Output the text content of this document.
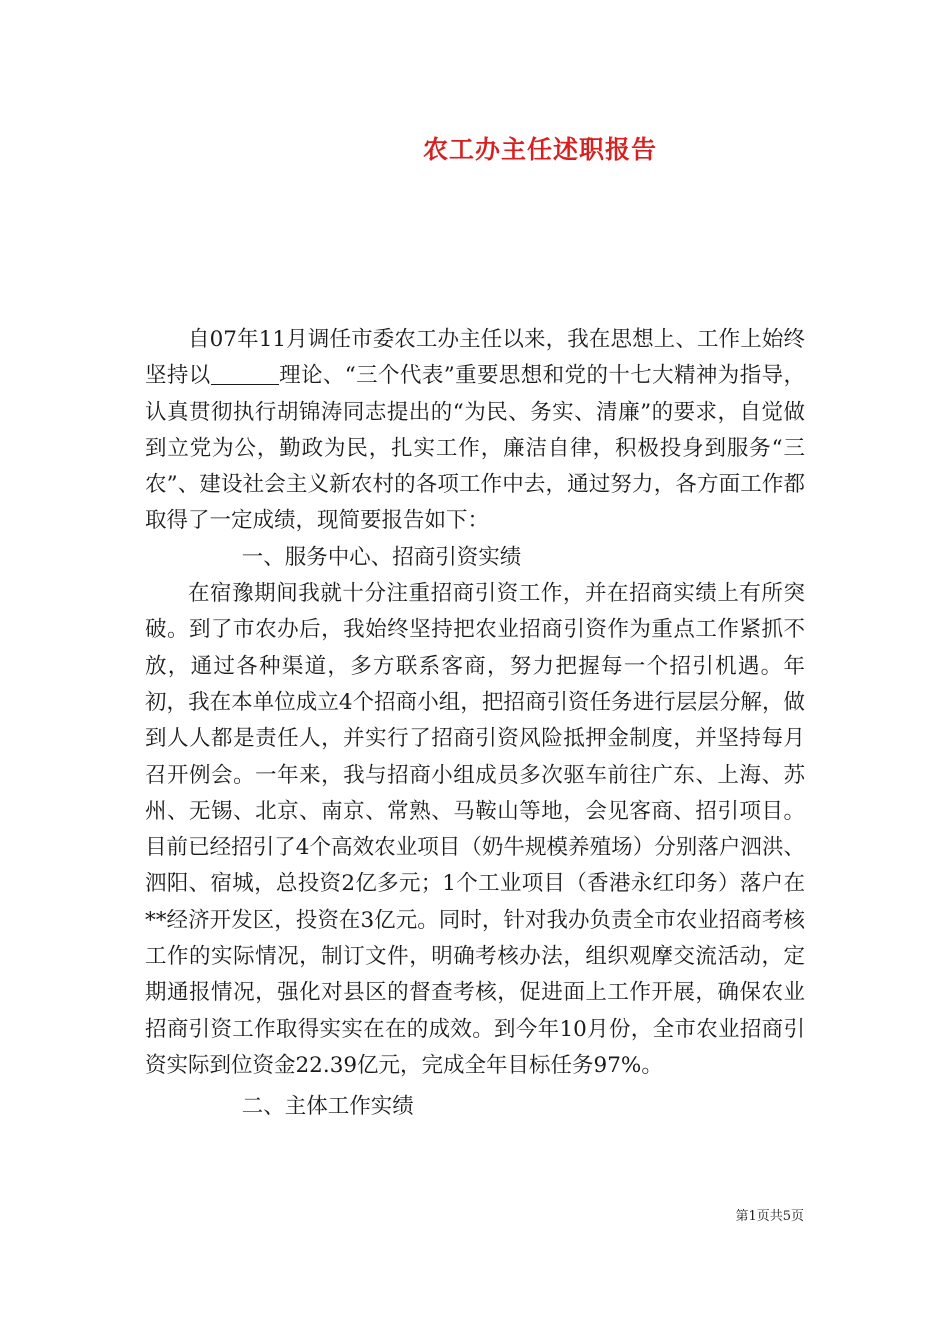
农工办主任述职报告

自07年11月调任市委农工办主任以来，我在思想上、工作上始终坚持以	理论、“三个代表”重要思想和党的十七大精神为指导，认真贯彻执行胡锦涛同志提出的“为民、务实、清廉”的要求，自觉做到立党为公，勤政为民，扎实工作，廉洁自律，积极投身到服务“三农”、建设社会主义新农村的各项工作中去，通过努力，各方面工作都取得了一定成绩，现简要报告如下：

一、服务中心、招商引资实绩

在宿豫期间我就十分注重招商引资工作，并在招商实绩上有所突破。到了市农办后，我始终坚持把农业招商引资作为重点工作紧抓不放，通过各种渠道，多方联系客商，努力把握每一个招引机遇。年初，我在本单位成立4个招商小组，把招商引资任务进行层层分解，做到人人都是责任人，并实行了招商引资风险抵押金制度，并坚持每月召开例会。一年来，我与招商小组成员多次驱车前往广东、上海、苏州、无锡、北京、南京、常熟、马鞍山等地，会见客商、招引项目。目前已经招引了4个高效农业项目（奶牛规模养殖场）分别落户泗洪、泗阳、宿城，总投资2亿多元；1个工业项目（香港永红印务）落户在**经济开发区，投资在3亿元。同时，针对我办负责全市农业招商考核工作的实际情况，制订文件，明确考核办法，组织观摩交流活动，定期通报情况，强化对县区的督查考核，促进面上工作开展，确保农业招商引资工作取得实实在在的成效。到今年10月份，全市农业招商引资实际到位资金22.39亿元，完成全年目标任务97%。

二、主体工作实绩

第1页共5页
